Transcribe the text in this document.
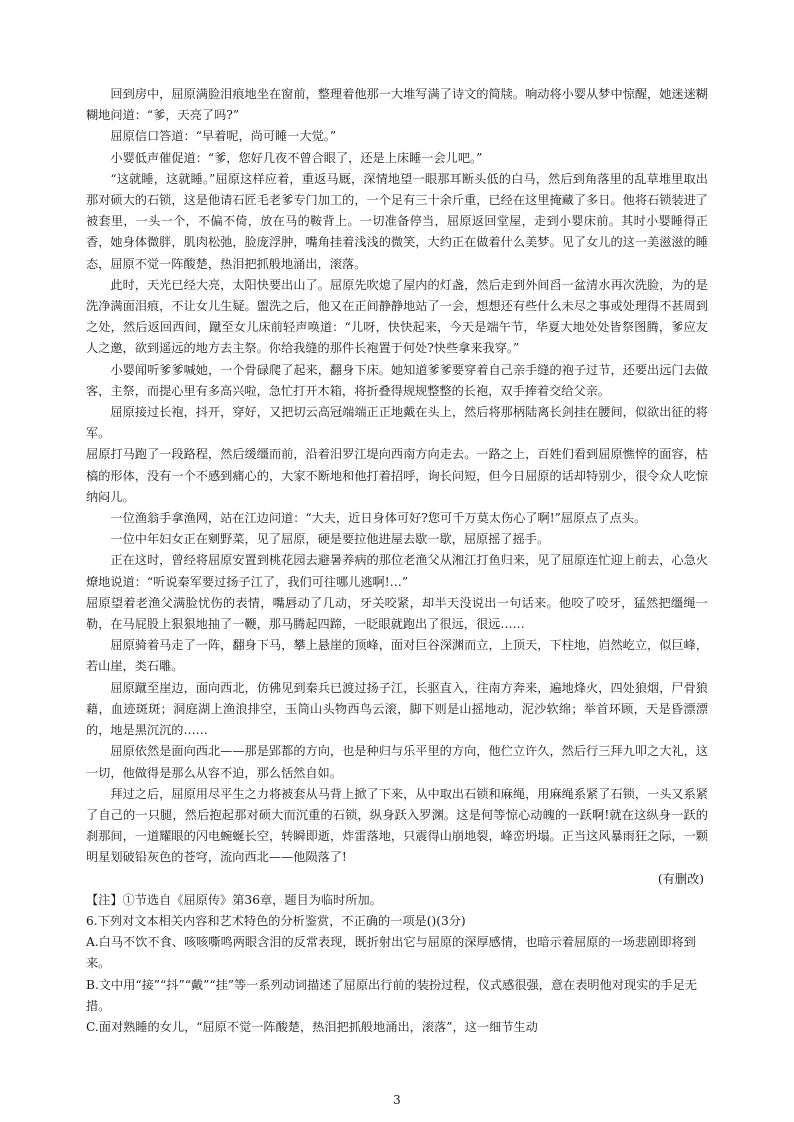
回到房中，屈原满脸泪痕地坐在窗前，整理着他那一大堆写满了诗文的简牍。响动将小婴从梦中惊醒，她迷迷糊糊地问道：“爹，天亮了吗?”

屈原信口答道：“早着呢，尚可睡一大觉。”

小婴低声催促道：“爹，您好几夜不曾合眼了，还是上床睡一会儿吧。”

“这就睡，这就睡。”屈原这样应着，重返马厩，深情地望一眼那耳断头低的白马，然后到角落里的乱草堆里取出那对硕大的石锁，这是他请石匠毛老爹专门加工的，一个足有三十余斤重，已经在这里掩藏了多日。他将石锁装进了被套里，一头一个，不偏不倚，放在马的鞍背上。一切准备停当，屈原返回堂屋，走到小婴床前。其时小婴睡得正香，她身体微胖，肌肉松弛，脸庞浮肿，嘴角挂着浅浅的微笑，大约正在做着什么美梦。见了女儿的这一美滋滋的睡态，屈原不觉一阵酸楚，热泪把抓般地涌出，滚落。

此时，天光已经大亮，太阳快要出山了。屈原先吹熄了屋内的灯盏，然后走到外间舀一盆清水再次洗脸，为的是洗净满面泪痕，不让女儿生疑。盥洗之后，他又在正间静静地站了一会，想想还有些什么未尽之事或处理得不甚周到之处，然后返回西间，蹴至女儿床前轻声唤道：“儿呀，快快起来，今天是端午节，华夏大地处处皆祭图腾，爹应友人之邀，欲到遥远的地方去主祭。你给我缝的那件长袍置于何处?快些拿来我穿。”

小婴闻听爹爹喊她，一个骨碌爬了起来，翻身下床。她知道爹爹要穿着自己亲手缝的袍子过节，还要出远门去做客，主祭，而提心里有多高兴啦，急忙打开木箱，将折叠得规规整整的长袍，双手捧着交给父亲。

屈原接过长袍，抖开，穿好，又把切云高冠端端正正地戴在头上，然后将那柄陆离长剑挂在腰间，似欲出征的将军。

屈原打马跑了一段路程，然后缓缰而前，沿着汨罗江堤向西南方向走去。一路之上，百姓们看到屈原憔悴的面容，枯槁的形体，没有一个不感到痛心的，大家不断地和他打着招呼，询长问短，但今日屈原的话却特别少，很令众人吃惊纳闷儿。

一位渔翁手拿渔网，站在江边问道：“大夫，近日身体可好?您可千万莫太伤心了啊!”屈原点了点头。

一位中年妇女正在剜野菜，见了屈原，硬是要拉他进屋去歇一歇，屈原摇了摇手。

正在这时，曾经将屈原安置到桃花园去避暑养病的那位老渔父从湘江打鱼归来，见了屈原连忙迎上前去，心急火燎地说道：“听说秦军要过扬子江了，我们可往哪儿逃啊!…”

屈原望着老渔父满脸忧伤的表情，嘴唇动了几动，牙关咬紧，却半天没说出一句话来。他咬了咬牙，猛然把缰绳一勒，在马屁股上狠狠地抽了一鞭，那马腾起四蹄，一眨眼就跑出了很远，很远……

屈原骑着马走了一阵，翻身下马，攀上悬崖的顶峰，面对巨谷深渊而立，上顶天，下柱地，岿然屹立，似巨峰，若山崖，类石雕。

屈原蹴至崖边，面向西北，仿佛见到秦兵已渡过扬子江，长驱直入，往南方奔来，遍地烽火，四处狼烟，尸骨狼藉，血迹斑斑；洞庭湖上渔浪排空，玉筒山头物西鸟云滚，脚下则是山摇地动，泥沙软绵；举首环顾，天是昏漂漂的，地是黑沉沉的……

屈原依然是面向西北——那是郢都的方向，也是种归与乐平里的方向，他伫立许久，然后行三拜九叩之大礼，这一切，他做得是那么从容不迫，那么恬然自如。

拜过之后，屈原用尽平生之力将被套从马背上掀了下来，从中取出石锁和麻绳，用麻绳系紧了石锁，一头又系紧了自己的一只腿，然后抱起那对硕大而沉重的石锁，纵身跃入罗渊。这是何等惊心动魄的一跃啊!就在这纵身一跃的刹那间，一道耀眼的闪电蜿蜒长空，转瞬即逝，炸雷落地，只震得山崩地裂，峰峦坍塌。正当这风暴雨狂之际，一颗明星划破铅灰色的苍穹，流向西北——他陨落了!

(有删改)

【注】①节选自《屈原传》第36章，题目为临时所加。

6.下列对文本相关内容和艺术特色的分析鉴赏，不正确的一项是()(3分)

A.白马不饮不食、咳咳嘶鸣两眼含泪的反常表现，既折射出它与屈原的深厚感情，也暗示着屈原的一场悲剧即将到来。

B.文中用“接”“抖”“戴”“挂”等一系列动词描述了屈原出行前的装扮过程，仪式感很强，意在表明他对现实的手足无措。

C.面对熟睡的女儿，“屈原不觉一阵酸楚，热泪把抓般地涌出，滚落”，这一细节生动

3
